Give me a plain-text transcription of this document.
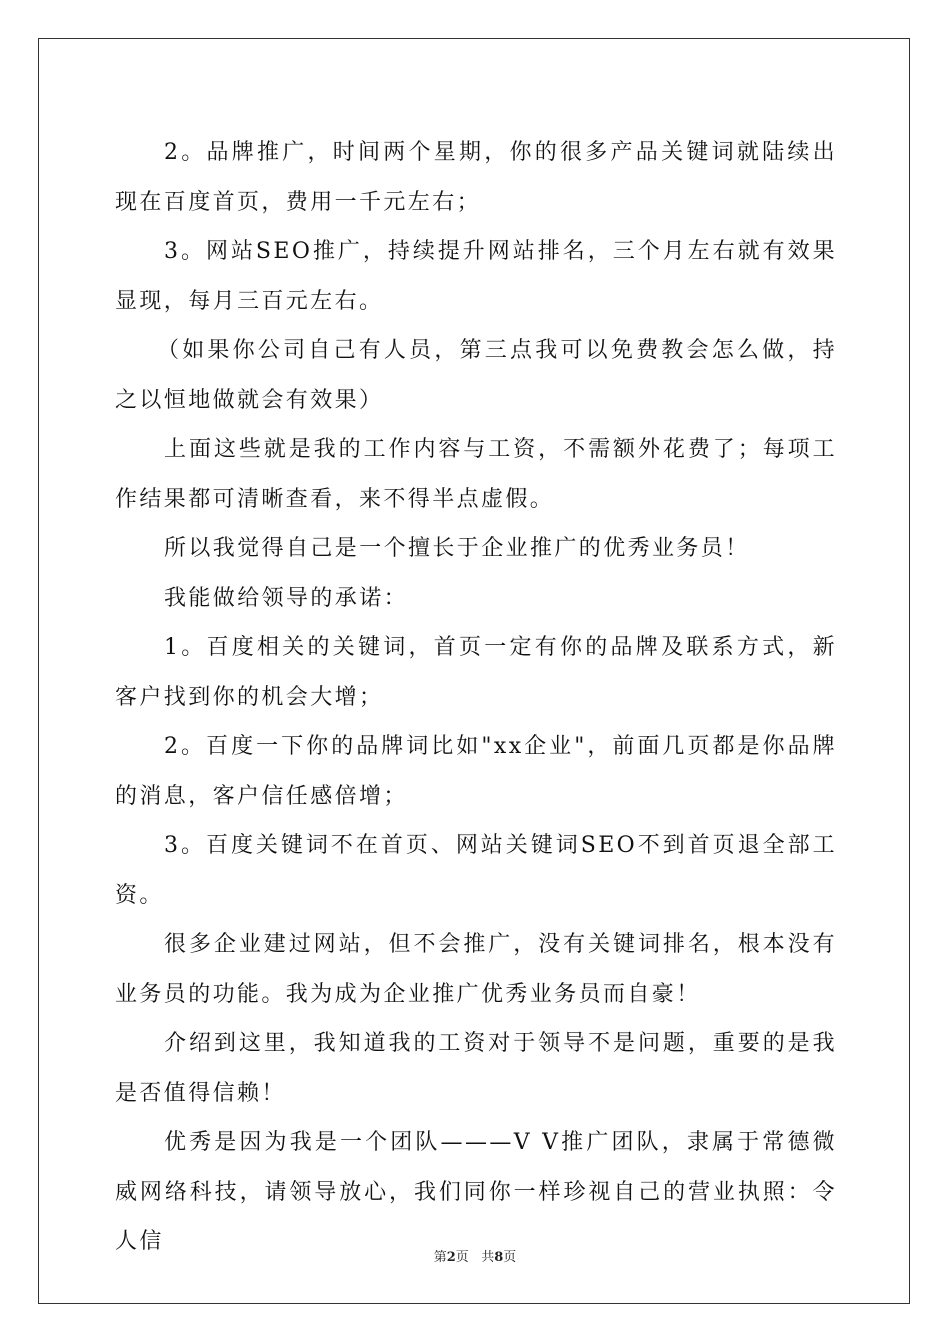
2。品牌推广，时间两个星期，你的很多产品关键词就陆续出现在百度首页，费用一千元左右；

3。网站SEO推广，持续提升网站排名，三个月左右就有效果显现，每月三百元左右。

（如果你公司自己有人员，第三点我可以免费教会怎么做，持之以恒地做就会有效果）

上面这些就是我的工作内容与工资，不需额外花费了；每项工作结果都可清晰查看，来不得半点虚假。

所以我觉得自己是一个擅长于企业推广的优秀业务员！

我能做给领导的承诺：

1。百度相关的关键词，首页一定有你的品牌及联系方式，新客户找到你的机会大增；

2。百度一下你的品牌词比如"xx企业"，前面几页都是你品牌的消息，客户信任感倍增；

3。百度关键词不在首页、网站关键词SEO不到首页退全部工资。

很多企业建过网站，但不会推广，没有关键词排名，根本没有业务员的功能。我为成为企业推广优秀业务员而自豪！

介绍到这里，我知道我的工资对于领导不是问题，重要的是我是否值得信赖！

优秀是因为我是一个团队———V V推广团队，隶属于常德微威网络科技，请领导放心，我们同你一样珍视自己的营业执照：令人信

第2页 共8页
